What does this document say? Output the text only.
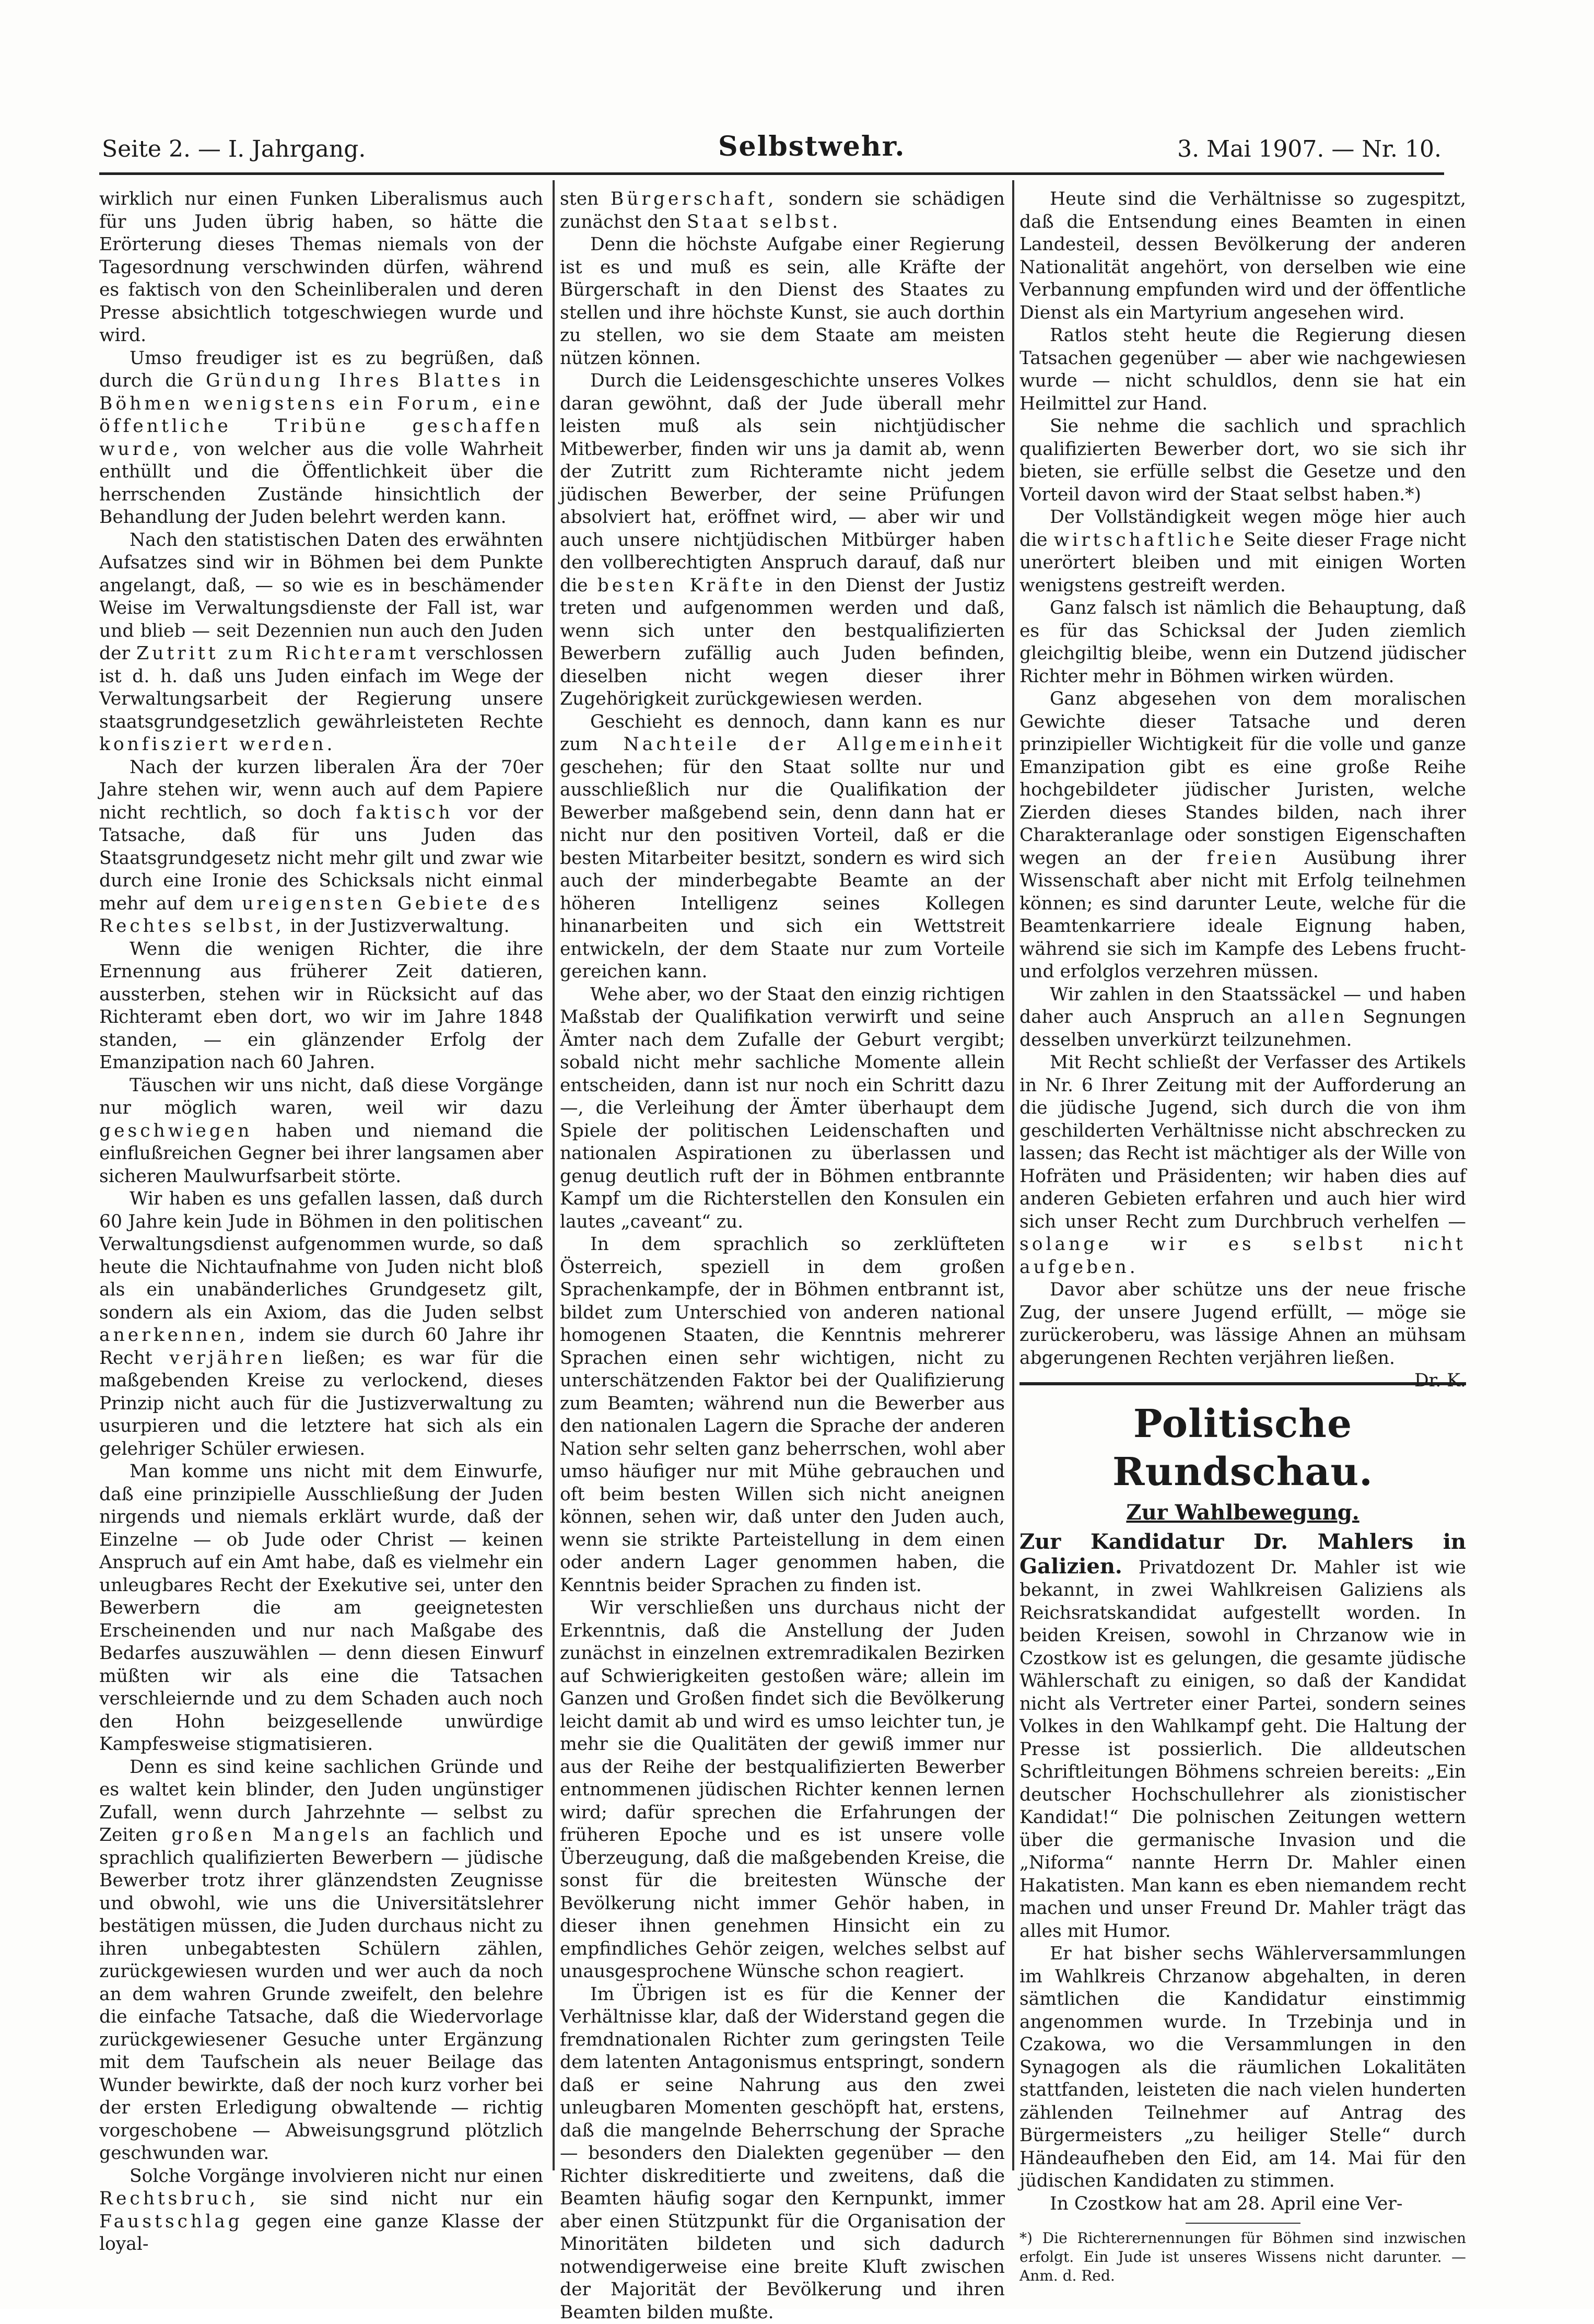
Seite 2. — I. Jahrgang.	Selbstwehr.	3. Mai 1907. — Nr. 10.

wirklich nur einen Funken Liberalismus auch für uns Juden übrig haben, so hätte die Erörterung dieses Themas niemals von der Tagesordnung verschwinden dürfen, während es faktisch von den Scheinliberalen und deren Presse absichtlich totgeschwiegen wurde und wird.

Umso freudiger ist es zu begrüßen, daß durch die Gründung Ihres Blattes in Böhmen wenigstens ein Forum, eine öffentliche Tribüne geschaffen wurde, von welcher aus die volle Wahrheit enthüllt und die Öffentlichkeit über die herrschenden Zustände hinsichtlich der Behandlung der Juden belehrt werden kann.

Nach den statistischen Daten des erwähnten Aufsatzes sind wir in Böhmen bei dem Punkte angelangt, daß, — so wie es in beschämender Weise im Verwaltungsdienste der Fall ist, war und blieb — seit Dezennien nun auch den Juden der Zutritt zum Richteramt verschlossen ist d. h. daß uns Juden einfach im Wege der Verwaltungsarbeit der Regierung unsere staatsgrundgesetzlich gewährleisteten Rechte konfisziert werden.

Nach der kurzen liberalen Ära der 70er Jahre stehen wir, wenn auch auf dem Papiere nicht rechtlich, so doch faktisch vor der Tatsache, daß für uns Juden das Staatsgrundgesetz nicht mehr gilt und zwar wie durch eine Ironie des Schicksals nicht einmal mehr auf dem ureigensten Gebiete des Rechtes selbst, in der Justizverwaltung.

Wenn die wenigen Richter, die ihre Ernennung aus früherer Zeit datieren, aussterben, stehen wir in Rücksicht auf das Richteramt eben dort, wo wir im Jahre 1848 standen, — ein glänzender Erfolg der Emanzipation nach 60 Jahren.

Täuschen wir uns nicht, daß diese Vorgänge nur möglich waren, weil wir dazu geschwiegen haben und niemand die einflußreichen Gegner bei ihrer langsamen aber sicheren Maulwurfsarbeit störte.

Wir haben es uns gefallen lassen, daß durch 60 Jahre kein Jude in Böhmen in den politischen Verwaltungsdienst aufgenommen wurde, so daß heute die Nichtaufnahme von Juden nicht bloß als ein unabänderliches Grundgesetz gilt, sondern als ein Axiom, das die Juden selbst anerkennen, indem sie durch 60 Jahre ihr Recht verjähren ließen; es war für die maßgebenden Kreise zu verlockend, dieses Prinzip nicht auch für die Justizverwaltung zu usurpieren und die letztere hat sich als ein gelehriger Schüler erwiesen.

Man komme uns nicht mit dem Einwurfe, daß eine prinzipielle Ausschließung der Juden nirgends und niemals erklärt wurde, daß der Einzelne — ob Jude oder Christ — keinen Anspruch auf ein Amt habe, daß es vielmehr ein unleugbares Recht der Exekutive sei, unter den Bewerbern die am geeignetesten Erscheinenden und nur nach Maßgabe des Bedarfes auszuwählen — denn diesen Einwurf müßten wir als eine die Tatsachen verschleiernde und zu dem Schaden auch noch den Hohn beizgesellende unwürdige Kampfesweise stigmatisieren.

Denn es sind keine sachlichen Gründe und es waltet kein blinder, den Juden ungünstiger Zufall, wenn durch Jahrzehnte — selbst zu Zeiten großen Mangels an fachlich und sprachlich qualifizierten Bewerbern — jüdische Bewerber trotz ihrer glänzendsten Zeugnisse und obwohl, wie uns die Universitätslehrer bestätigen müssen, die Juden durchaus nicht zu ihren unbegabtesten Schülern zählen, zurückgewiesen wurden und wer auch da noch an dem wahren Grunde zweifelt, den belehre die einfache Tatsache, daß die Wiedervorlage zurückgewiesener Gesuche unter Ergänzung mit dem Taufschein als neuer Beilage das Wunder bewirkte, daß der noch kurz vorher bei der ersten Erledigung obwaltende — richtig vorgeschobene — Abweisungsgrund plötzlich geschwunden war.

Solche Vorgänge involvieren nicht nur einen Rechtsbruch, sie sind nicht nur ein Faustschlag gegen eine ganze Klasse der loyal-

sten Bürgerschaft, sondern sie schädigen zunächst den Staat selbst.

Denn die höchste Aufgabe einer Regierung ist es und muß es sein, alle Kräfte der Bürgerschaft in den Dienst des Staates zu stellen und ihre höchste Kunst, sie auch dorthin zu stellen, wo sie dem Staate am meisten nützen können.

Durch die Leidensgeschichte unseres Volkes daran gewöhnt, daß der Jude überall mehr leisten muß als sein nichtjüdischer Mitbewerber, finden wir uns ja damit ab, wenn der Zutritt zum Richteramte nicht jedem jüdischen Bewerber, der seine Prüfungen absolviert hat, eröffnet wird, — aber wir und auch unsere nichtjüdischen Mitbürger haben den vollberechtigten Anspruch darauf, daß nur die besten Kräfte in den Dienst der Justiz treten und aufgenommen werden und daß, wenn sich unter den bestqualifizierten Bewerbern zufällig auch Juden befinden, dieselben nicht wegen dieser ihrer Zugehörigkeit zurückgewiesen werden.

Geschieht es dennoch, dann kann es nur zum Nachteile der Allgemeinheit geschehen; für den Staat sollte nur und ausschließlich nur die Qualifikation der Bewerber maßgebend sein, denn dann hat er nicht nur den positiven Vorteil, daß er die besten Mitarbeiter besitzt, sondern es wird sich auch der minderbegabte Beamte an der höheren Intelligenz seines Kollegen hinanarbeiten und sich ein Wettstreit entwickeln, der dem Staate nur zum Vorteile gereichen kann.

Wehe aber, wo der Staat den einzig richtigen Maßstab der Qualifikation verwirft und seine Ämter nach dem Zufalle der Geburt vergibt; sobald nicht mehr sachliche Momente allein entscheiden, dann ist nur noch ein Schritt dazu —, die Verleihung der Ämter überhaupt dem Spiele der politischen Leidenschaften und nationalen Aspirationen zu überlassen und genug deutlich ruft der in Böhmen entbrannte Kampf um die Richterstellen den Konsulen ein lautes „caveant“ zu.

In dem sprachlich so zerklüfteten Österreich, speziell in dem großen Sprachenkampfe, der in Böhmen entbrannt ist, bildet zum Unterschied von anderen national homogenen Staaten, die Kenntnis mehrerer Sprachen einen sehr wichtigen, nicht zu unterschätzenden Faktor bei der Qualifizierung zum Beamten; während nun die Bewerber aus den nationalen Lagern die Sprache der anderen Nation sehr selten ganz beherrschen, wohl aber umso häufiger nur mit Mühe gebrauchen und oft beim besten Willen sich nicht aneignen können, sehen wir, daß unter den Juden auch, wenn sie strikte Parteistellung in dem einen oder andern Lager genommen haben, die Kenntnis beider Sprachen zu finden ist.

Wir verschließen uns durchaus nicht der Erkenntnis, daß die Anstellung der Juden zunächst in einzelnen extremradikalen Bezirken auf Schwierigkeiten gestoßen wäre; allein im Ganzen und Großen findet sich die Bevölkerung leicht damit ab und wird es umso leichter tun, je mehr sie die Qualitäten der gewiß immer nur aus der Reihe der bestqualifizierten Bewerber entnommenen jüdischen Richter kennen lernen wird; dafür sprechen die Erfahrungen der früheren Epoche und es ist unsere volle Überzeugung, daß die maßgebenden Kreise, die sonst für die breitesten Wünsche der Bevölkerung nicht immer Gehör haben, in dieser ihnen genehmen Hinsicht ein zu empfindliches Gehör zeigen, welches selbst auf unausgesprochene Wünsche schon reagiert.

Im Übrigen ist es für die Kenner der Verhältnisse klar, daß der Widerstand gegen die fremdnationalen Richter zum geringsten Teile dem latenten Antagonismus entspringt, sondern daß er seine Nahrung aus den zwei unleugbaren Momenten geschöpft hat, erstens, daß die mangelnde Beherrschung der Sprache — besonders den Dialekten gegenüber — den Richter diskreditierte und zweitens, daß die Beamten häufig sogar den Kernpunkt, immer aber einen Stützpunkt für die Organisation der Minoritäten bildeten und sich dadurch notwendigerweise eine breite Kluft zwischen der Majorität der Bevölkerung und ihren Beamten bilden mußte.

Heute sind die Verhältnisse so zugespitzt, daß die Entsendung eines Beamten in einen Landesteil, dessen Bevölkerung der anderen Nationalität angehört, von derselben wie eine Verbannung empfunden wird und der öffentliche Dienst als ein Martyrium angesehen wird.

Ratlos steht heute die Regierung diesen Tatsachen gegenüber — aber wie nachgewiesen wurde — nicht schuldlos, denn sie hat ein Heilmittel zur Hand.

Sie nehme die sachlich und sprachlich qualifizierten Bewerber dort, wo sie sich ihr bieten, sie erfülle selbst die Gesetze und den Vorteil davon wird der Staat selbst haben.*)

Der Vollständigkeit wegen möge hier auch die wirtschaftliche Seite dieser Frage nicht unerörtert bleiben und mit einigen Worten wenigstens gestreift werden.

Ganz falsch ist nämlich die Behauptung, daß es für das Schicksal der Juden ziemlich gleichgiltig bleibe, wenn ein Dutzend jüdischer Richter mehr in Böhmen wirken würden.

Ganz abgesehen von dem moralischen Gewichte dieser Tatsache und deren prinzipieller Wichtigkeit für die volle und ganze Emanzipation gibt es eine große Reihe hochgebildeter jüdischer Juristen, welche Zierden dieses Standes bilden, nach ihrer Charakteranlage oder sonstigen Eigenschaften wegen an der freien Ausübung ihrer Wissenschaft aber nicht mit Erfolg teilnehmen können; es sind darunter Leute, welche für die Beamtenkarriere ideale Eignung haben, während sie sich im Kampfe des Lebens frucht- und erfolglos verzehren müssen.

Wir zahlen in den Staatssäckel — und haben daher auch Anspruch an allen Segnungen desselben unverkürzt teilzunehmen.

Mit Recht schließt der Verfasser des Artikels in Nr. 6 Ihrer Zeitung mit der Aufforderung an die jüdische Jugend, sich durch die von ihm geschilderten Verhältnisse nicht abschrecken zu lassen; das Recht ist mächtiger als der Wille von Hofräten und Präsidenten; wir haben dies auf anderen Gebieten erfahren und auch hier wird sich unser Recht zum Durchbruch verhelfen — solange wir es selbst nicht aufgeben.

Davor aber schütze uns der neue frische Zug, der unsere Jugend erfüllt, — möge sie zurückeroberu, was lässige Ahnen an mühsam abgerungenen Rechten verjähren ließen.
Dr. K.

Politische Rundschau.
Zur Wahlbewegung.

Zur Kandidatur Dr. Mahlers in Galizien. Privatdozent Dr. Mahler ist wie bekannt, in zwei Wahlkreisen Galiziens als Reichsratskandidat aufgestellt worden. In beiden Kreisen, sowohl in Chrzanow wie in Czostkow ist es gelungen, die gesamte jüdische Wählerschaft zu einigen, so daß der Kandidat nicht als Vertreter einer Partei, sondern seines Volkes in den Wahlkampf geht. Die Haltung der Presse ist possierlich. Die alldeutschen Schriftleitungen Böhmens schreien bereits: „Ein deutscher Hochschullehrer als zionistischer Kandidat!“ Die polnischen Zeitungen wettern über die germanische Invasion und die „Niforma“ nannte Herrn Dr. Mahler einen Hakatisten. Man kann es eben niemandem recht machen und unser Freund Dr. Mahler trägt das alles mit Humor.

Er hat bisher sechs Wählerversammlungen im Wahlkreis Chrzanow abgehalten, in deren sämtlichen die Kandidatur einstimmig angenommen wurde. In Trzebinja und in Czakowa, wo die Versammlungen in den Synagogen als die räumlichen Lokalitäten stattfanden, leisteten die nach vielen hunderten zählenden Teilnehmer auf Antrag des Bürgermeisters „zu heiliger Stelle“ durch Händeaufheben den Eid, am 14. Mai für den jüdischen Kandidaten zu stimmen.

In Czostkow hat am 28. April eine Ver-

*) Die Richterernennungen für Böhmen sind inzwischen erfolgt. Ein Jude ist unseres Wissens nicht darunter. — Anm. d. Red.
